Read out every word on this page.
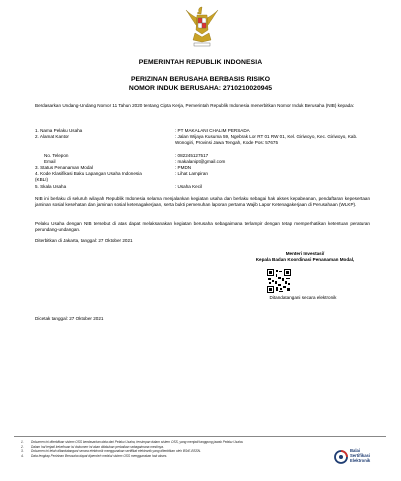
PEMERINTAH REPUBLIK INDONESIA
PERIZINAN BERUSAHA BERBASIS RISIKO
NOMOR INDUK BERUSAHA: 2710210020945
Berdasarkan Undang-Undang Nomor 11 Tahun 2020 tentang Cipta Kerja, Pemerintah Republik Indonesia menerbitkan Nomor Induk Berusaha (NIB) kepada:
1. Nama Pelaku Usaha	: PT MAKALANI CHALIM PERSADA
2. Alamat Kantor	: Jalan Wijaya Kusuma 59, Ngebrak Lor RT 01 RW 01, Kel. Giriwoyo, Kec. Giriwoyo, Kab. Wonogiri, Provinsi Jawa Tengah, Kode Pos: 57675
No. Telepon	: 082245127517
Email	: makalanipt@gmail.com
3. Status Penanaman Modal	: PMDN
4. Kode Klasifikasi Baku Lapangan Usaha Indonesia (KBLI)
: Lihat Lampiran
5. Skala Usaha	: Usaha Kecil
NIB ini berlaku di seluruh wilayah Republik Indonesia selama menjalankan kegiatan usaha dan berlaku sebagai hak akses kepabeanan, pendaftaran kepesertaan jaminan sosial kesehatan dan jaminan sosial ketenagakerjaan, serta bukti pemenuhan laporan pertama Wajib Lapor Ketenagakerjaan di Perusahaan (WLKP).
Pelaku Usaha dengan NIB tersebut di atas dapat melaksanakan kegiatan berusaha sebagaimana terlampir dengan tetap memperhatikan ketentuan peraturan perundang-undangan.
Diterbitkan di Jakarta, tanggal: 27 Oktober 2021
Menteri Investasi/
Kepala Badan Koordinasi Penanaman Modal,
Ditandatangani secara elektronik
Dicetak tanggal: 27 Oktober 2021
1. Dokumen ini diterbitkan sistem OSS berdasarkan data dari Pelaku Usaha, tersimpan dalam sistem OSS, yang menjadi tanggung jawab Pelaku Usaha.
2. Dalam hal terjadi kekeliruan isi dokumen ini akan dilakukan perbaikan sebagaimana mestinya.
3. Dokumen ini telah ditandatangani secara elektronik menggunakan sertifikat elektronik yang diterbitkan oleh BSrE-BSSN.
4. Data lengkap Perizinan Berusaha dapat diperoleh melalui sistem OSS menggunakan hak akses.
Balai
Sertifikasi
Elektronik
